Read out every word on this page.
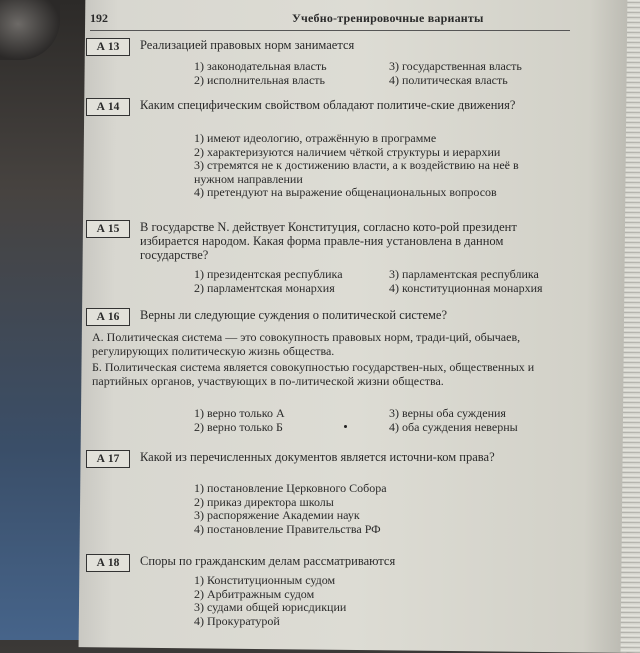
192	Учебно-тренировочные варианты
А 13	Реализацией правовых норм занимается
1) законодательная власть	3) государственная власть
2) исполнительная власть	4) политическая власть
А 14	Каким специфическим свойством обладают политиче-ские движения?
1) имеют идеологию, отражённую в программе
2) характеризуются наличием чёткой структуры и иерархии
3) стремятся не к достижению власти, а к воздействию на неё в нужном направлении
4) претендуют на выражение общенациональных вопросов
А 15	В государстве N. действует Конституция, согласно кото-рой президент избирается народом. Какая форма правле-ния установлена в данном государстве?
1) президентская республика	3) парламентская республика
2) парламентская монархия	4) конституционная монархия
А 16	Верны ли следующие суждения о политической системе?
А. Политическая система — это совокупность правовых норм, тради-ций, обычаев, регулирующих политическую жизнь общества.
Б. Политическая система является совокупностью государствен-ных, общественных и партийных органов, участвующих в по-литической жизни общества.
1) верно только А	3) верны оба суждения
2) верно только Б	4) оба суждения неверны
А 17	Какой из перечисленных документов является источни-ком права?
1) постановление Церковного Собора
2) приказ директора школы
3) распоряжение Академии наук
4) постановление Правительства РФ
А 18	Споры по гражданским делам рассматриваются
1) Конституционным судом
2) Арбитражным судом
3) судами общей юрисдикции
4) Прокуратурой
